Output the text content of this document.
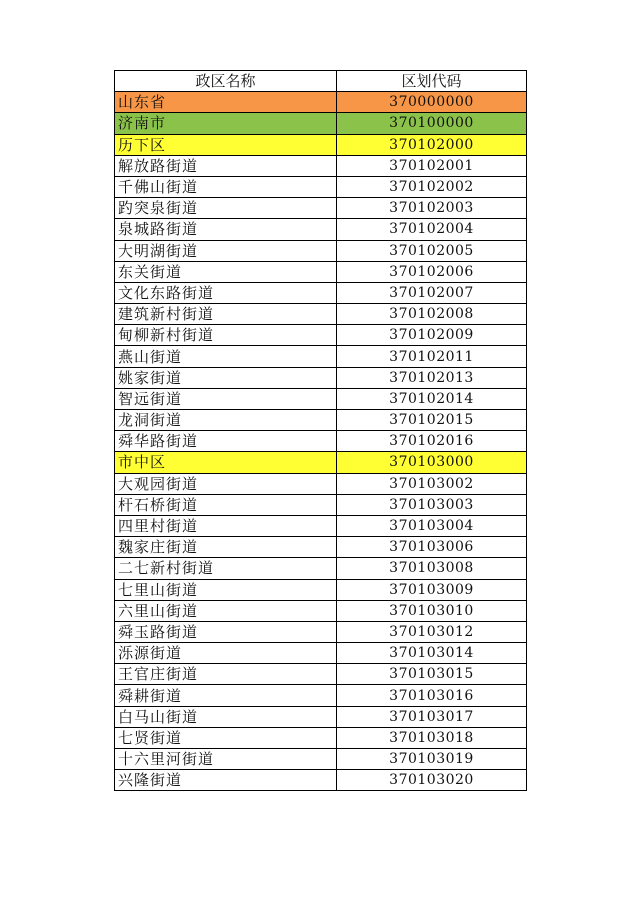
政区名称	区划代码
山东省	370000000
济南市	370100000
历下区	370102000
解放路街道	370102001
千佛山街道	370102002
趵突泉街道	370102003
泉城路街道	370102004
大明湖街道	370102005
东关街道	370102006
文化东路街道	370102007
建筑新村街道	370102008
甸柳新村街道	370102009
燕山街道	370102011
姚家街道	370102013
智远街道	370102014
龙洞街道	370102015
舜华路街道	370102016
市中区	370103000
大观园街道	370103002
杆石桥街道	370103003
四里村街道	370103004
魏家庄街道	370103006
二七新村街道	370103008
七里山街道	370103009
六里山街道	370103010
舜玉路街道	370103012
泺源街道	370103014
王官庄街道	370103015
舜耕街道	370103016
白马山街道	370103017
七贤街道	370103018
十六里河街道	370103019
兴隆街道	370103020
